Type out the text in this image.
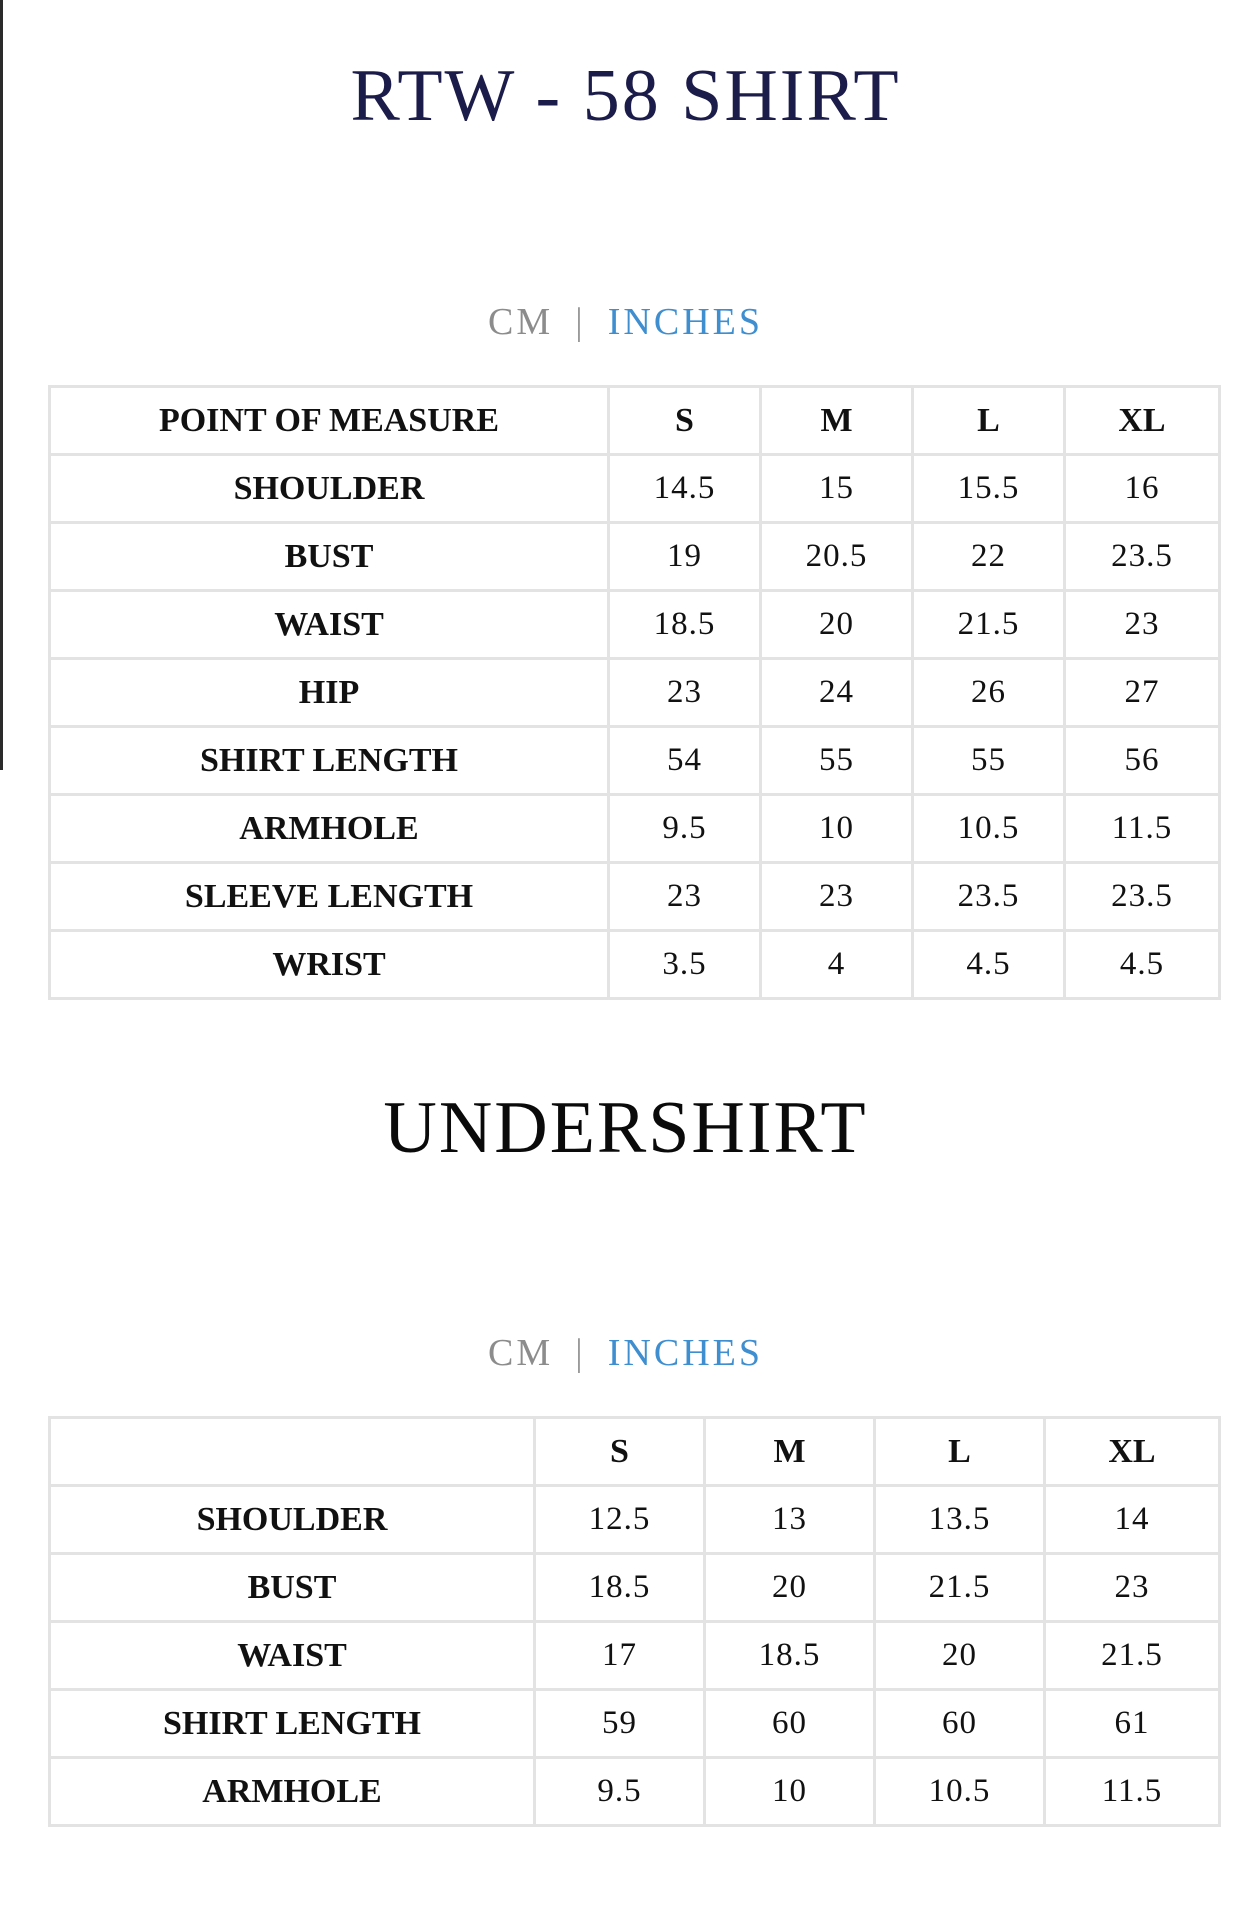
RTW - 58 SHIRT
CM | INCHES
POINT OF MEASURE	S	M	L	XL
SHOULDER	14.5	15	15.5	16
BUST	19	20.5	22	23.5
WAIST	18.5	20	21.5	23
HIP	23	24	26	27
SHIRT LENGTH	54	55	55	56
ARMHOLE	9.5	10	10.5	11.5
SLEEVE LENGTH	23	23	23.5	23.5
WRIST	3.5	4	4.5	4.5
UNDERSHIRT
CM | INCHES
	S	M	L	XL
SHOULDER	12.5	13	13.5	14
BUST	18.5	20	21.5	23
WAIST	17	18.5	20	21.5
SHIRT LENGTH	59	60	60	61
ARMHOLE	9.5	10	10.5	11.5
